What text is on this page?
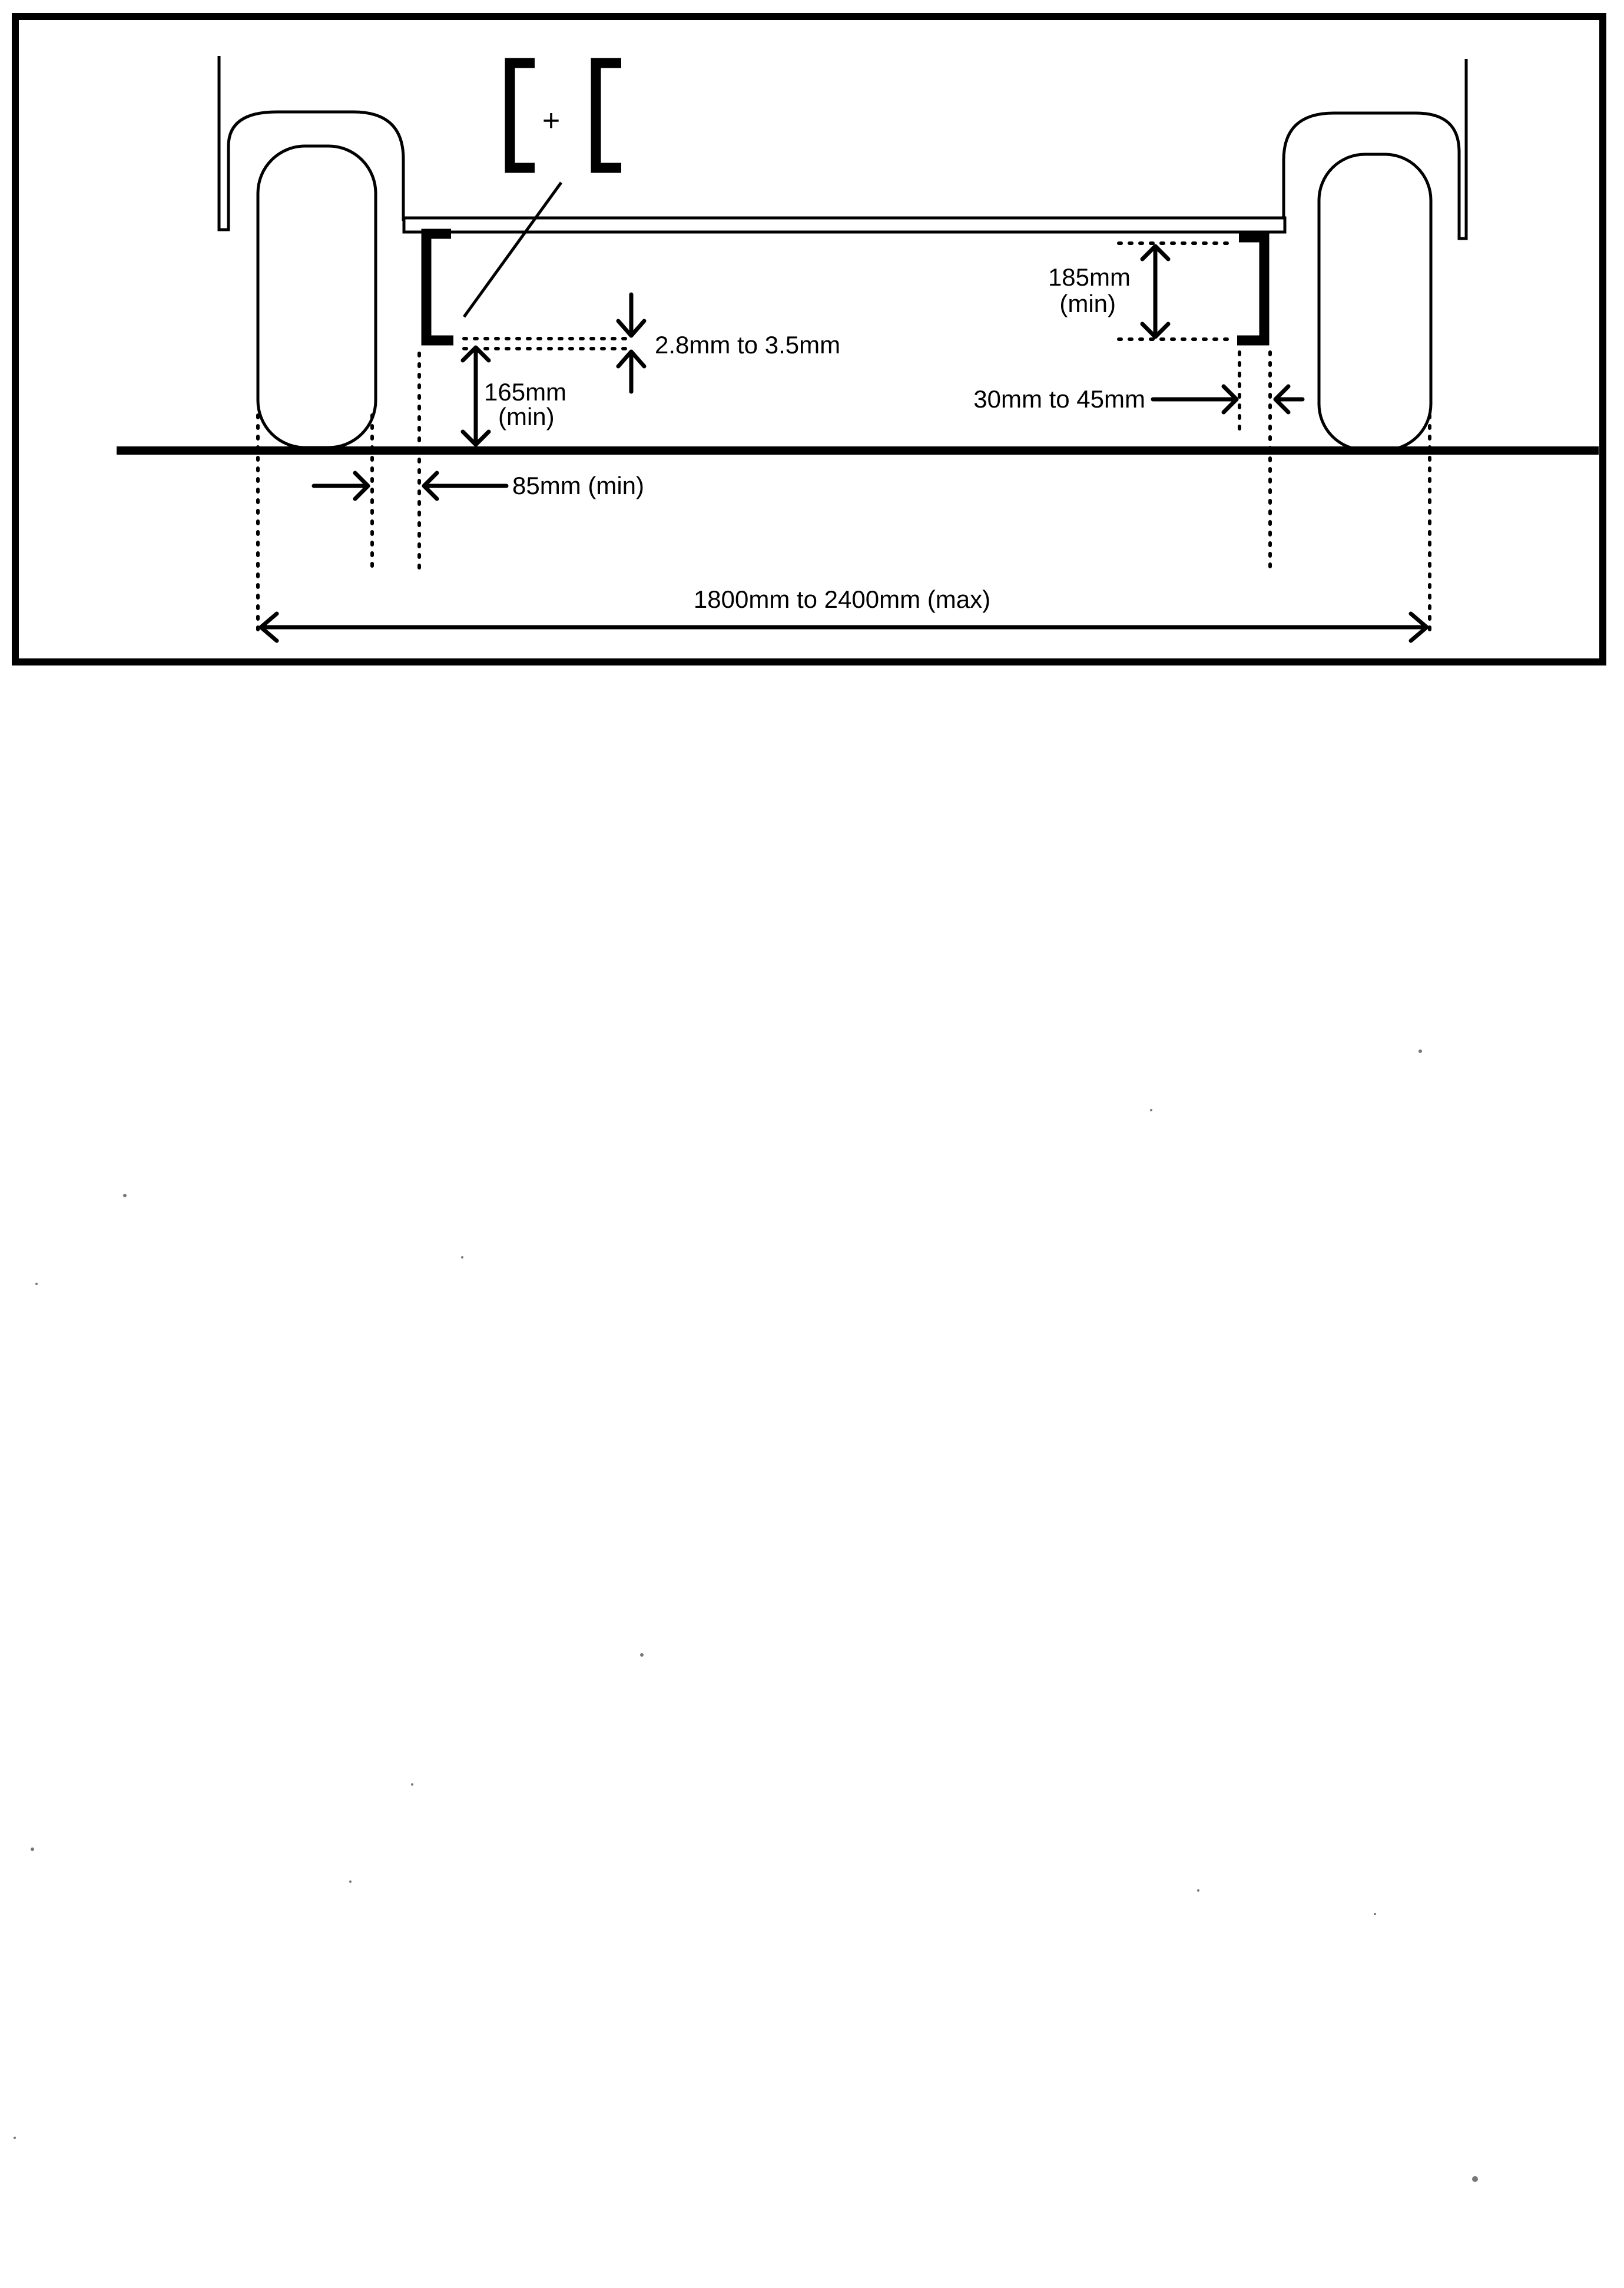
+
2.8mm to 3.5mm
165mm
(min)
185mm
(min)
30mm to 45mm
85mm (min)
1800mm to 2400mm (max)
